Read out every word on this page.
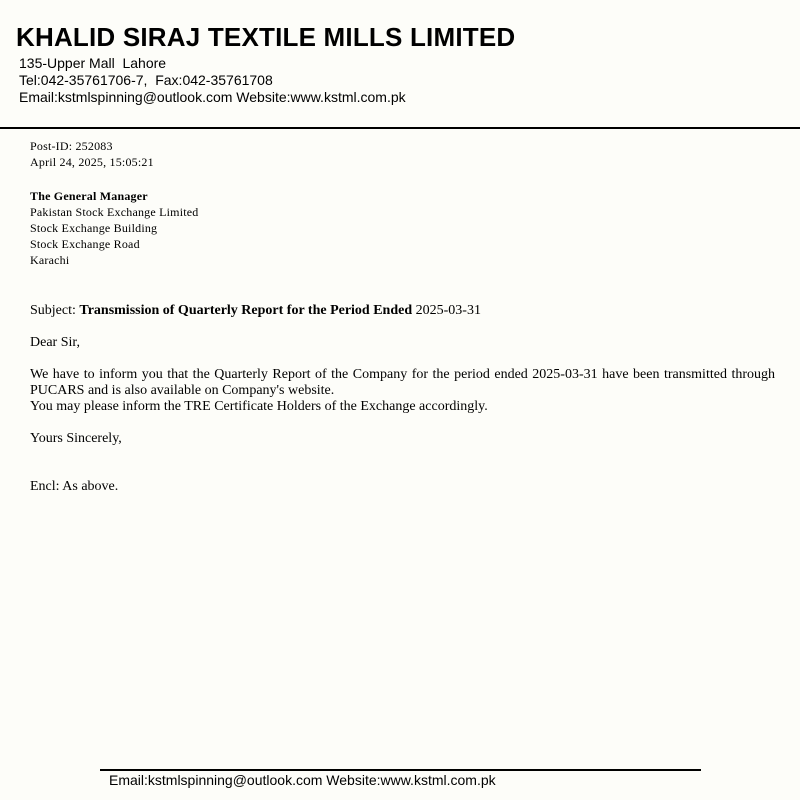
KHALID SIRAJ TEXTILE MILLS LIMITED
135-Upper Mall  Lahore
Tel:042-35761706-7,  Fax:042-35761708
Email:kstmlspinning@outlook.com Website:www.kstml.com.pk
Post-ID: 252083
April 24, 2025, 15:05:21
The General Manager
Pakistan Stock Exchange Limited
Stock Exchange Building
Stock Exchange Road
Karachi
Subject: Transmission of Quarterly Report for the Period Ended 2025-03-31
Dear Sir,

We have to inform you that the Quarterly Report of the Company for the period ended 2025-03-31 have been transmitted through PUCARS and is also available on Company's website.

You may please inform the TRE Certificate Holders of the Exchange accordingly.

Yours Sincerely,
Encl: As above.
Email:kstmlspinning@outlook.com Website:www.kstml.com.pk
